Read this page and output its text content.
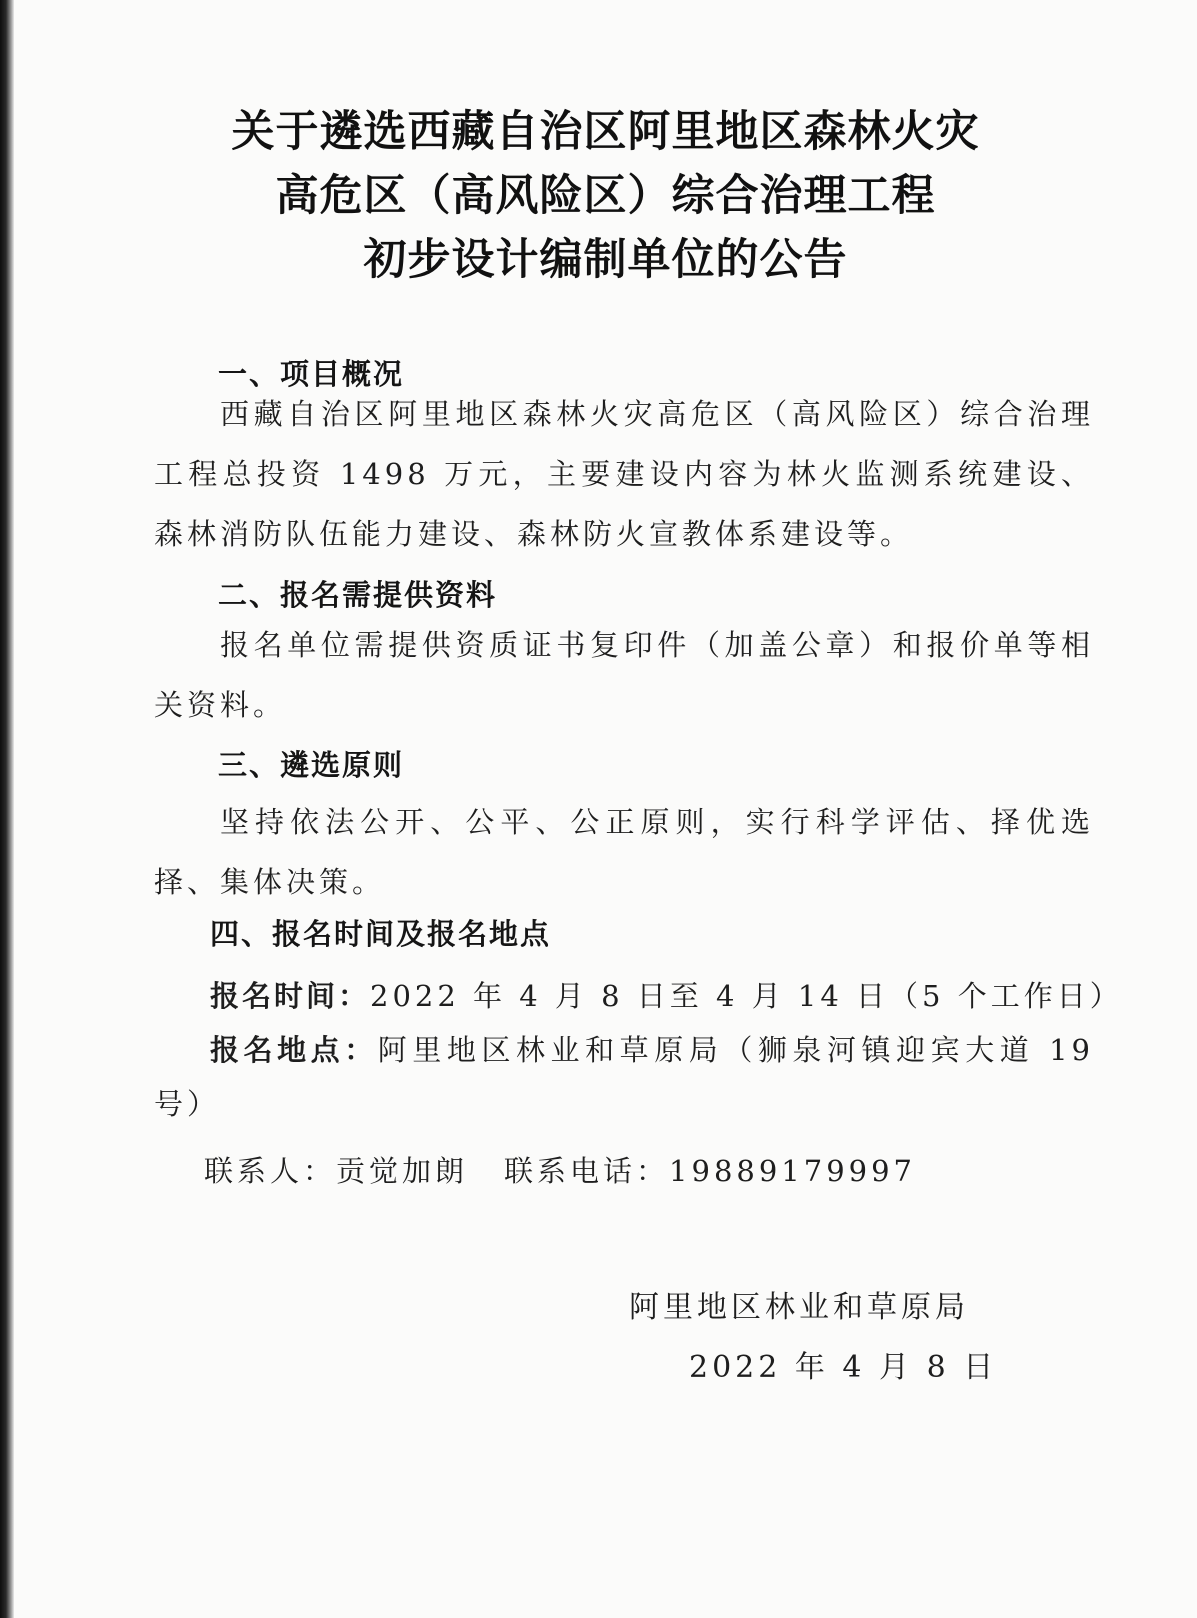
关于遴选西藏自治区阿里地区森林火灾
高危区（高风险区）综合治理工程
初步设计编制单位的公告
一、项目概况
西藏自治区阿里地区森林火灾高危区（高风险区）综合治理工程总投资 1498 万元，主要建设内容为林火监测系统建设、森林消防队伍能力建设、森林防火宣教体系建设等。
二、报名需提供资料
报名单位需提供资质证书复印件（加盖公章）和报价单等相关资料。
三、遴选原则
坚持依法公开、公平、公正原则，实行科学评估、择优选择、集体决策。
四、报名时间及报名地点
报名时间：2022 年 4 月 8 日至 4 月 14 日（5 个工作日）
报名地点：阿里地区林业和草原局（狮泉河镇迎宾大道 19 号）
联系人：贡觉加朗 联系电话：19889179997
阿里地区林业和草原局
2022 年 4 月 8 日
